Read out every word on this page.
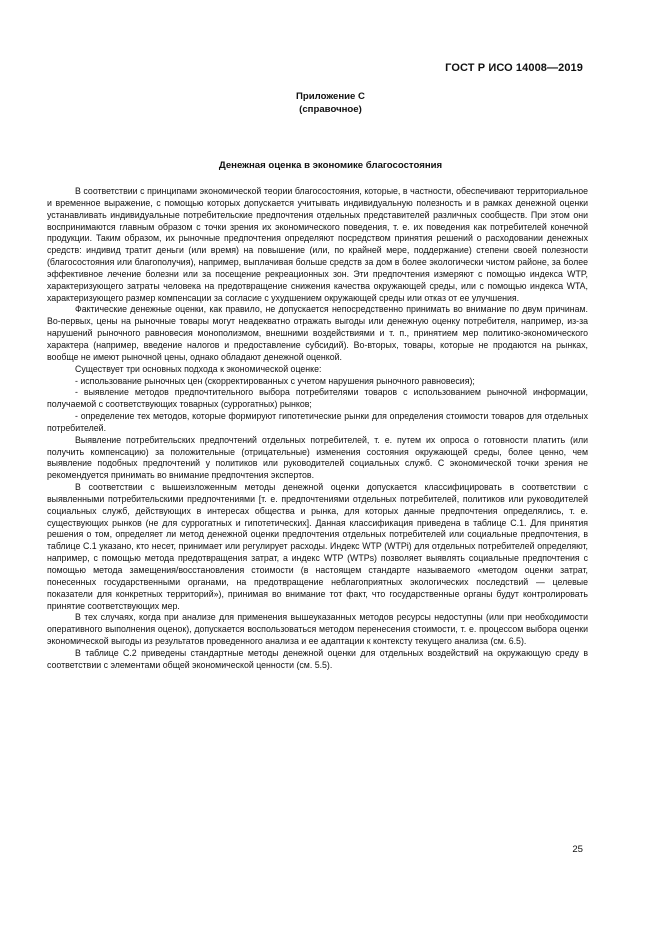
ГОСТ Р ИСО 14008—2019
Приложение С
(справочное)
Денежная оценка в экономике благосостояния

В соответствии с принципами экономической теории благосостояния, которые, в частности, обеспечивают территориальное и временное выражение, с помощью которых допускается учитывать индивидуальную полезность и в рамках денежной оценки устанавливать индивидуальные потребительские предпочтения отдельных представителей различных сообществ. При этом они воспринимаются главным образом с точки зрения их экономического поведения, т. е. их поведения как потребителей конечной продукции. Таким образом, их рыночные предпочтения определяют посредством принятия решений о расходовании денежных средств: индивид тратит деньги (или время) на повышение (или, по крайней мере, поддержание) степени своей полезности (благосостояния или благополучия), например, выплачивая больше средств за дом в более экологически чистом районе, за более эффективное лечение болезни или за посещение рекреационных зон. Эти предпочтения измеряют с помощью индекса WTP, характеризующего затраты человека на предотвращение снижения качества окружающей среды, или с помощью индекса WTA, характеризующего размер компенсации за согласие с ухудшением окружающей среды или отказ от ее улучшения.

Фактические денежные оценки, как правило, не допускается непосредственно принимать во внимание по двум причинам. Во-первых, цены на рыночные товары могут неадекватно отражать выгоды или денежную оценку потребителя, например, из-за нарушений рыночного равновесия монополизмом, внешними воздействиями и т. п., принятием мер политико-экономического характера (например, введение налогов и предоставление субсидий). Во-вторых, товары, которые не продаются на рынках, вообще не имеют рыночной цены, однако обладают денежной оценкой.

Существует три основных подхода к экономической оценке:

- использование рыночных цен (скорректированных с учетом нарушения рыночного равновесия);

- выявление методов предпочтительного выбора потребителями товаров с использованием рыночной информации, получаемой с соответствующих товарных (суррогатных) рынков;

- определение тех методов, которые формируют гипотетические рынки для определения стоимости товаров для отдельных потребителей.

Выявление потребительских предпочтений отдельных потребителей, т. е. путем их опроса о готовности платить (или получить компенсацию) за положительные (отрицательные) изменения состояния окружающей среды, более ценно, чем выявление подобных предпочтений у политиков или руководителей социальных служб. С экономической точки зрения не рекомендуется принимать во внимание предпочтения экспертов.

В соответствии с вышеизложенным методы денежной оценки допускается классифицировать в соответствии с выявленными потребительскими предпочтениями [т. е. предпочтениями отдельных потребителей, политиков или руководителей социальных служб, действующих в интересах общества и рынка, для которых данные предпочтения определялись, т. е. существующих рынков (не для суррогатных и гипотетических]. Данная классификация приведена в таблице С.1. Для принятия решения о том, определяет ли метод денежной оценки предпочтения отдельных потребителей или социальные предпочтения, в таблице С.1 указано, кто несет, принимает или регулирует расходы. Индекс WTP (WTPi) для отдельных потребителей определяют, например, с помощью метода предотвращения затрат, а индекс WTP (WTPs) позволяет выявлять социальные предпочтения с помощью метода замещения/восстановления стоимости (в настоящем стандарте называемого «методом оценки затрат, понесенных государственными органами, на предотвращение неблагоприятных экологических последствий — целевые показатели для конкретных территорий»), принимая во внимание тот факт, что государственные органы будут контролировать принятие соответствующих мер.

В тех случаях, когда при анализе для применения вышеуказанных методов ресурсы недоступны (или при необходимости оперативного выполнения оценок), допускается воспользоваться методом перенесения стоимости, т. е. процессом выбора оценки экономической выгоды из результатов проведенного анализа и ее адаптации к контексту текущего анализа (см. 6.5).

В таблице С.2 приведены стандартные методы денежной оценки для отдельных воздействий на окружающую среду в соответствии с элементами общей экономической ценности (см. 5.5).

25
